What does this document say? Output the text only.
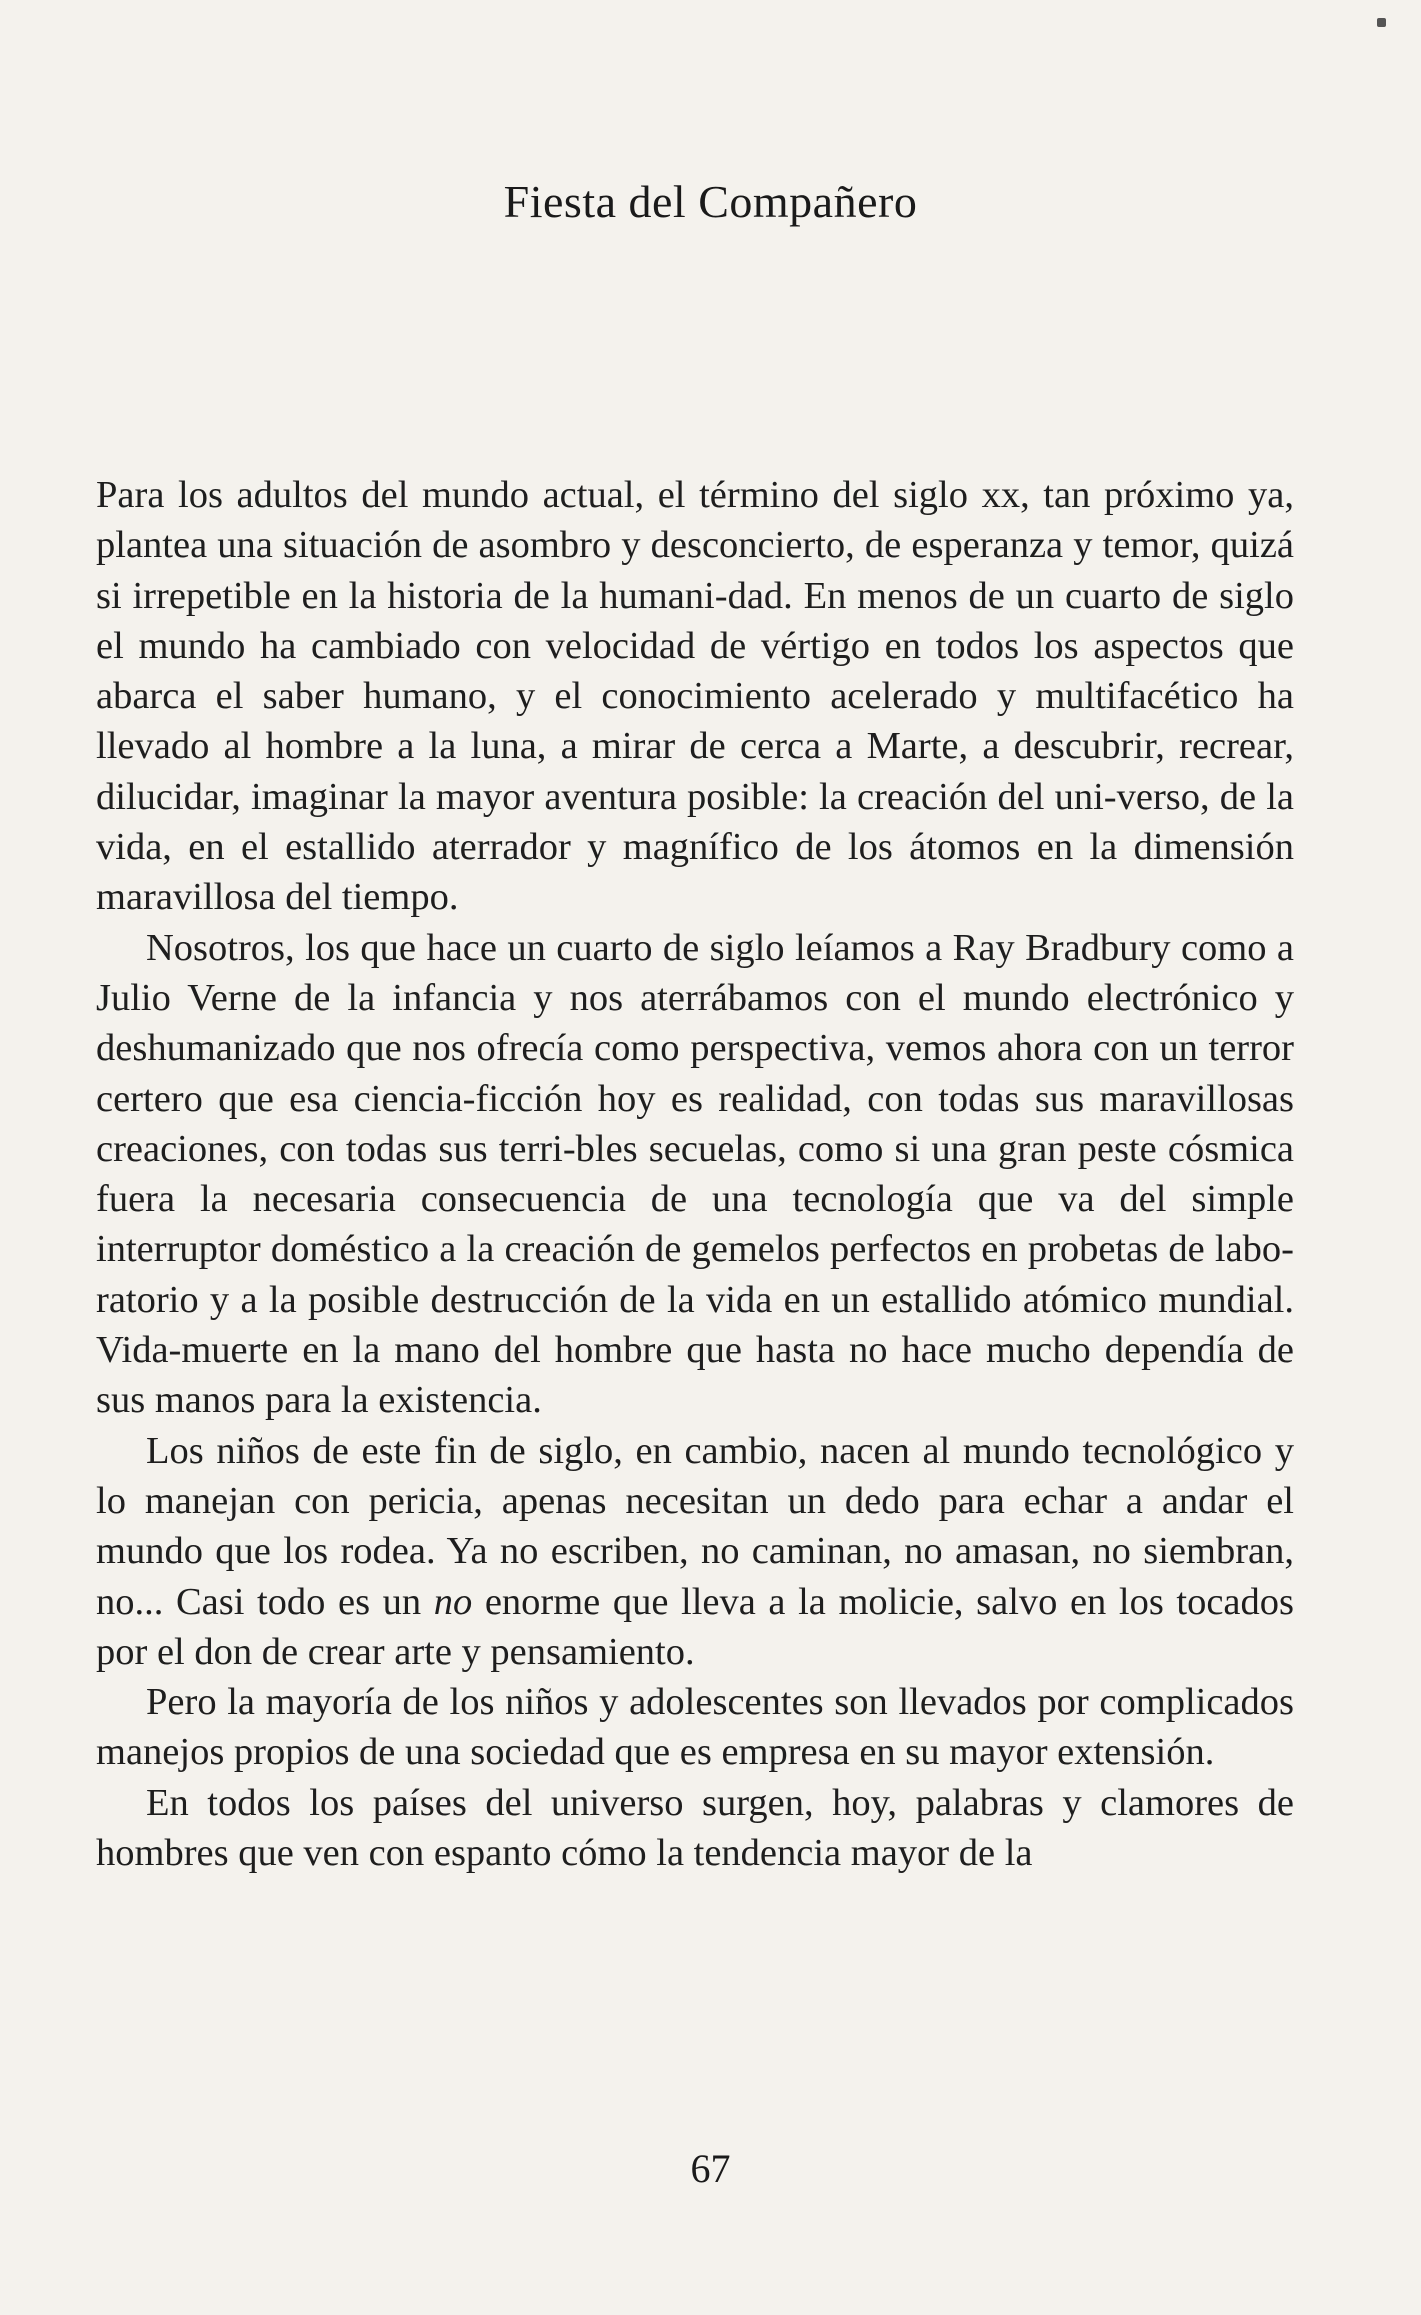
Fiesta del Compañero

Para los adultos del mundo actual, el término del siglo xx, tan próximo ya, plantea una situación de asombro y desconcierto, de esperanza y temor, quizá si irrepetible en la historia de la humani-dad. En menos de un cuarto de siglo el mundo ha cambiado con velocidad de vértigo en todos los aspectos que abarca el saber humano, y el conocimiento acelerado y multifacético ha llevado al hombre a la luna, a mirar de cerca a Marte, a descubrir, recrear, dilucidar, imaginar la mayor aventura posible: la creación del uni-verso, de la vida, en el estallido aterrador y magnífico de los átomos en la dimensión maravillosa del tiempo.

Nosotros, los que hace un cuarto de siglo leíamos a Ray Bradbury como a Julio Verne de la infancia y nos aterrábamos con el mundo electrónico y deshumanizado que nos ofrecía como perspectiva, vemos ahora con un terror certero que esa ciencia-ficción hoy es realidad, con todas sus maravillosas creaciones, con todas sus terri-bles secuelas, como si una gran peste cósmica fuera la necesaria consecuencia de una tecnología que va del simple interruptor doméstico a la creación de gemelos perfectos en probetas de labo-ratorio y a la posible destrucción de la vida en un estallido atómico mundial. Vida-muerte en la mano del hombre que hasta no hace mucho dependía de sus manos para la existencia.

Los niños de este fin de siglo, en cambio, nacen al mundo tecnológico y lo manejan con pericia, apenas necesitan un dedo para echar a andar el mundo que los rodea. Ya no escriben, no caminan, no amasan, no siembran, no... Casi todo es un no enorme que lleva a la molicie, salvo en los tocados por el don de crear arte y pensamiento.

Pero la mayoría de los niños y adolescentes son llevados por complicados manejos propios de una sociedad que es empresa en su mayor extensión.

En todos los países del universo surgen, hoy, palabras y clamores de hombres que ven con espanto cómo la tendencia mayor de la

67
